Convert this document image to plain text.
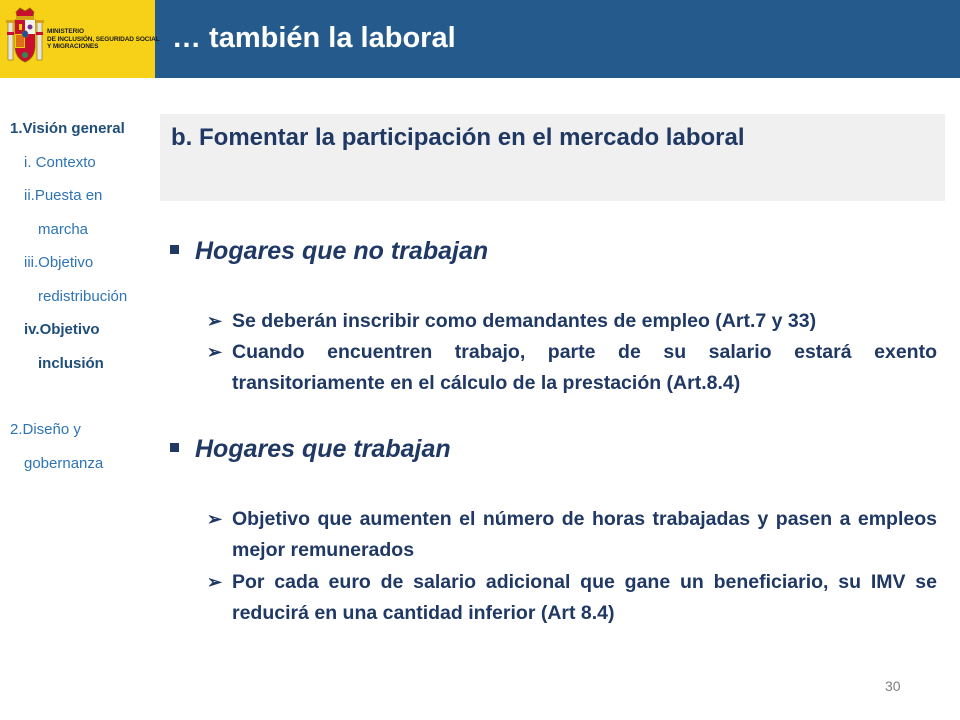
MINISTERIO
DE INCLUSIÓN, SEGURIDAD SOCIAL
Y MIGRACIONES	… también la laboral
1.Visión general
i. Contexto
ii.Puesta en
marcha
iii.Objetivo
redistribución
iv.Objetivo
inclusión
2.Diseño y
gobernanza
b. Fomentar la participación en el mercado laboral
Hogares que no trabajan
➢ Se deberán inscribir como demandantes de empleo (Art.7 y 33)
➢ Cuando encuentren trabajo, parte de su salario estará exento transitoriamente en el cálculo de la prestación (Art.8.4)
Hogares que trabajan
➢ Objetivo que aumenten el número de horas trabajadas y pasen a empleos mejor remunerados
➢ Por cada euro de salario adicional que gane un beneficiario, su IMV se reducirá en una cantidad inferior (Art 8.4)
30
